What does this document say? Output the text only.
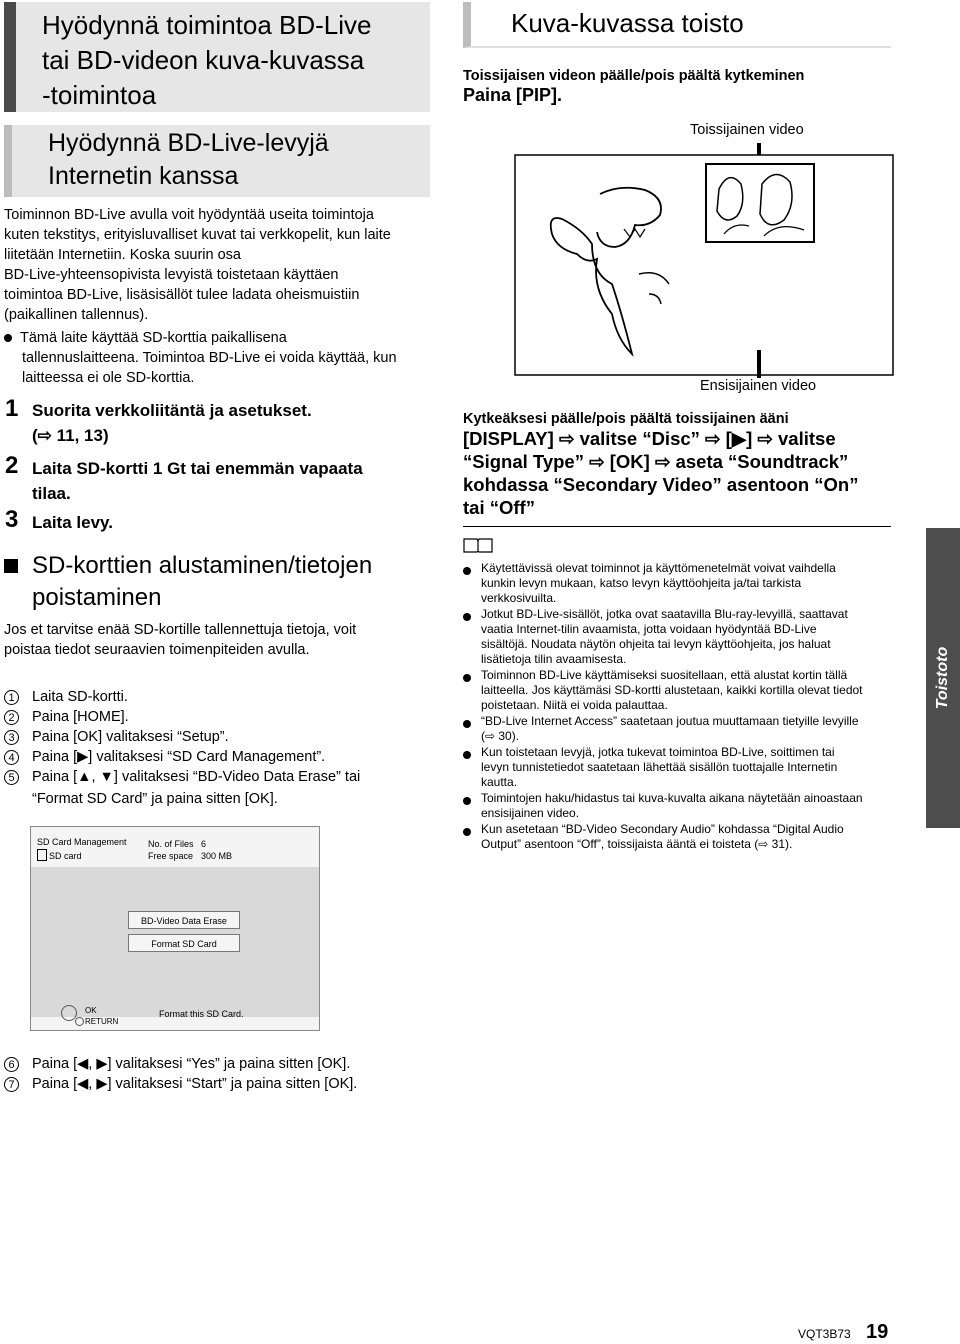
Hyödynnä toimintoa BD-Live
tai BD-videon kuva-kuvassa
-toimintoa
Hyödynnä BD-Live-levyjä
Internetin kanssa
Toiminnon BD-Live avulla voit hyödyntää useita toimintoja
kuten tekstitys, erityisluvalliset kuvat tai verkkopelit, kun laite
liitetään Internetiin. Koska suurin osa
BD-Live-yhteensopivista levyistä toistetaan käyttäen
toimintoa BD-Live, lisäsisällöt tulee ladata oheismuistiin
(paikallinen tallennus).
Tämä laite käyttää SD-korttia paikallisena
tallennuslaitteena. Toimintoa BD-Live ei voida käyttää, kun
laitteessa ei ole SD-korttia.
1 Suorita verkkoliitäntä ja asetukset.
(⇨ 11, 13)
2 Laita SD-kortti 1 Gt tai enemmän vapaata
tilaa.
3 Laita levy.
SD-korttien alustaminen/tietojen
poistaminen
Jos et tarvitse enää SD-kortille tallennettuja tietoja, voit
poistaa tiedot seuraavien toimenpiteiden avulla.
1 Laita SD-kortti.
2 Paina [HOME].
3 Paina [OK] valitaksesi “Setup”.
4 Paina [▶] valitaksesi “SD Card Management”.
5 Paina [▲, ▼] valitaksesi “BD-Video Data Erase” tai
“Format SD Card” ja paina sitten [OK].
SD Card Management
SD card
No. of Files 6
Free space 300 MB
BD-Video Data Erase
Format SD Card
OK
RETURN
Format this SD Card.
6 Paina [◀, ▶] valitaksesi “Yes” ja paina sitten [OK].
7 Paina [◀, ▶] valitaksesi “Start” ja paina sitten [OK].
Kuva-kuvassa toisto
Toissijaisen videon päälle/pois päältä kytkeminen
Paina [PIP].
Toissijainen video
Ensisijainen video
Kytkeäksesi päälle/pois päältä toissijainen ääni
[DISPLAY] ⇨ valitse “Disc” ⇨ [▶] ⇨ valitse
“Signal Type” ⇨ [OK] ⇨ aseta “Soundtrack”
kohdassa “Secondary Video” asentoon “On”
tai “Off”
Käytettävissä olevat toiminnot ja käyttömenetelmät voivat vaihdella
kunkin levyn mukaan, katso levyn käyttöohjeita ja/tai tarkista
verkkosivuilta.
Jotkut BD-Live-sisällöt, jotka ovat saatavilla Blu-ray-levyillä, saattavat
vaatia Internet-tilin avaamista, jotta voidaan hyödyntää BD-Live
sisältöjä. Noudata näytön ohjeita tai levyn käyttöohjeita, jos haluat
lisätietoja tilin avaamisesta.
Toiminnon BD-Live käyttämiseksi suositellaan, että alustat kortin tällä
laitteella. Jos käyttämäsi SD-kortti alustetaan, kaikki kortilla olevat tiedot
poistetaan. Niitä ei voida palauttaa.
“BD-Live Internet Access” saatetaan joutua muuttamaan tietyille levyille
(⇨ 30).
Kun toistetaan levyjä, jotka tukevat toimintoa BD-Live, soittimen tai
levyn tunnistetiedot saatetaan lähettää sisällön tuottajalle Internetin
kautta.
Toimintojen haku/hidastus tai kuva-kuvalta aikana näytetään ainoastaan
ensisijainen video.
Kun asetetaan “BD-Video Secondary Audio” kohdassa “Digital Audio
Output” asentoon “Off”, toissijaista ääntä ei toisteta (⇨ 31).
Toistoto
VQT3B73 19
